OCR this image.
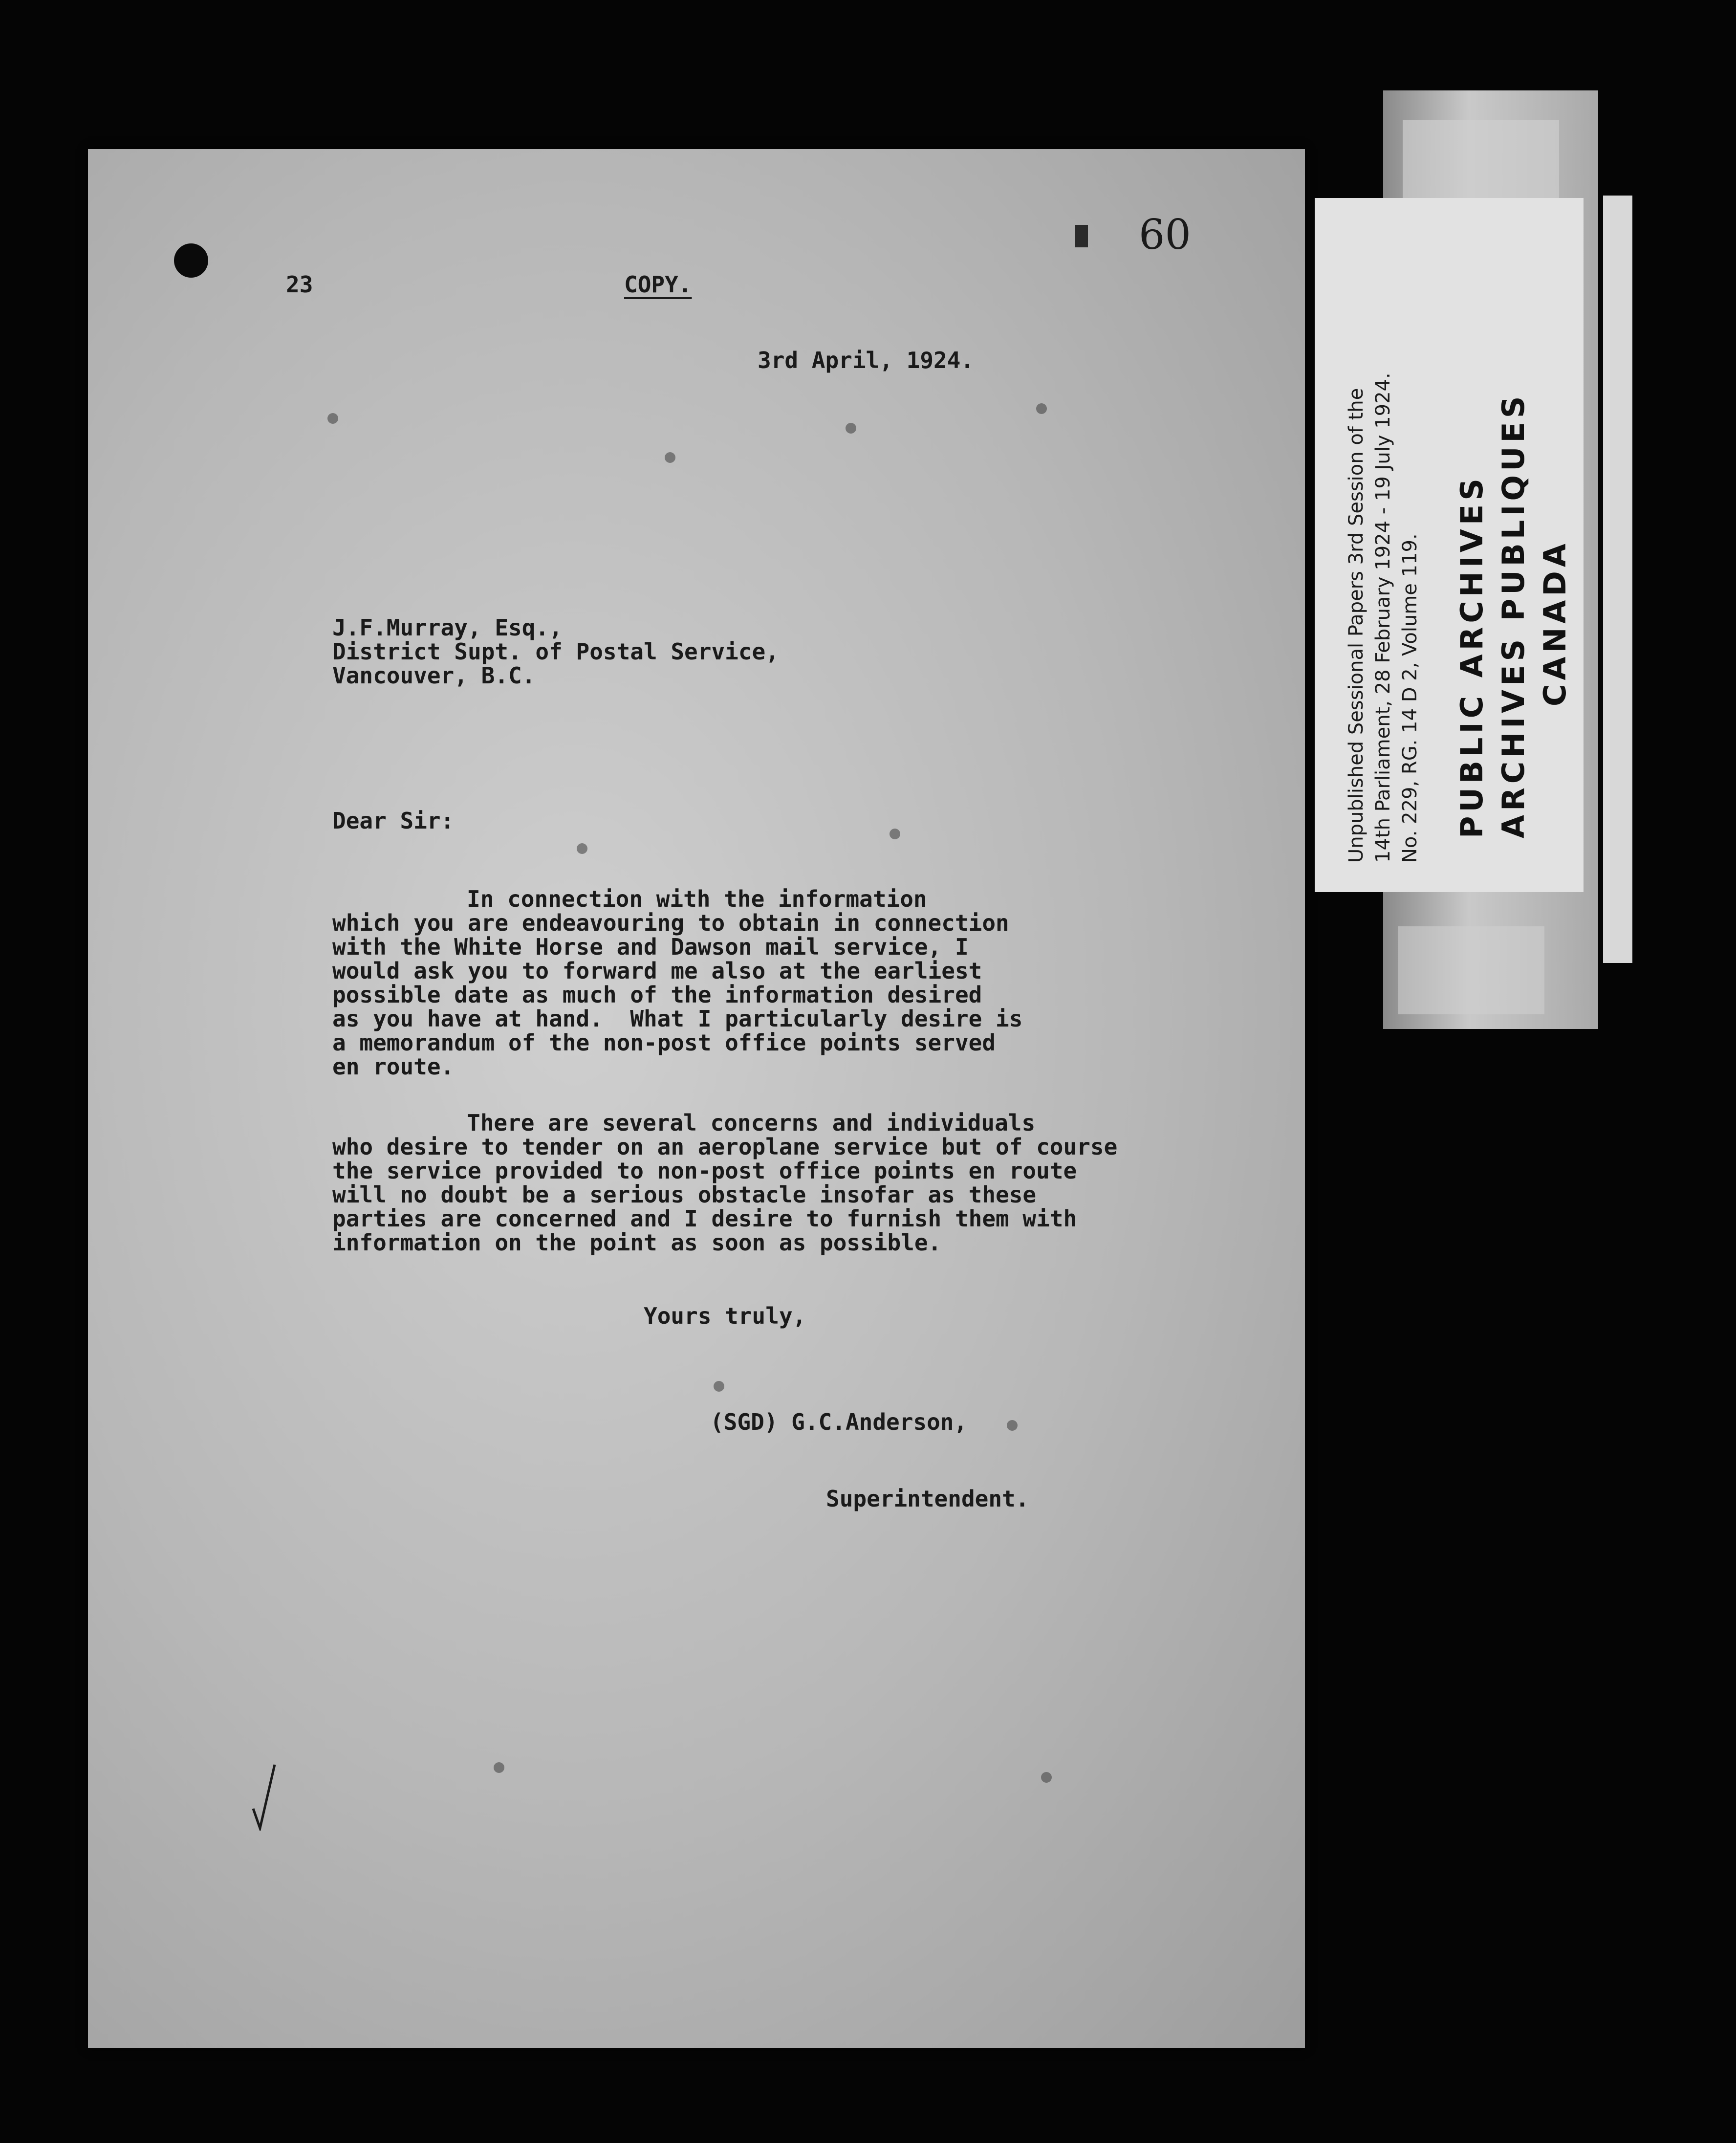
23	COPY.
60
3rd April, 1924.
J.F.Murray, Esq.,
District Supt. of Postal Service,
Vancouver, B.C.
Dear Sir:
In connection with the information
which you are endeavouring to obtain in connection
with the White Horse and Dawson mail service, I
would ask you to forward me also at the earliest
possible date as much of the information desired
as you have at hand.  What I particularly desire is
a memorandum of the non-post office points served
en route.
There are several concerns and individuals
who desire to tender on an aeroplane service but of course
the service provided to non-post office points en route
will no doubt be a serious obstacle insofar as these
parties are concerned and I desire to furnish them with
information on the point as soon as possible.
Yours truly,
(SGD) G.C.Anderson,
Superintendent.
Unpublished Sessional Papers 3rd Session of the 14th Parliament, 28 February 1924 - 19 July 1924. No. 229, RG. 14 D 2, Volume 119. PUBLIC ARCHIVES ARCHIVES PUBLIQUES CANADA
